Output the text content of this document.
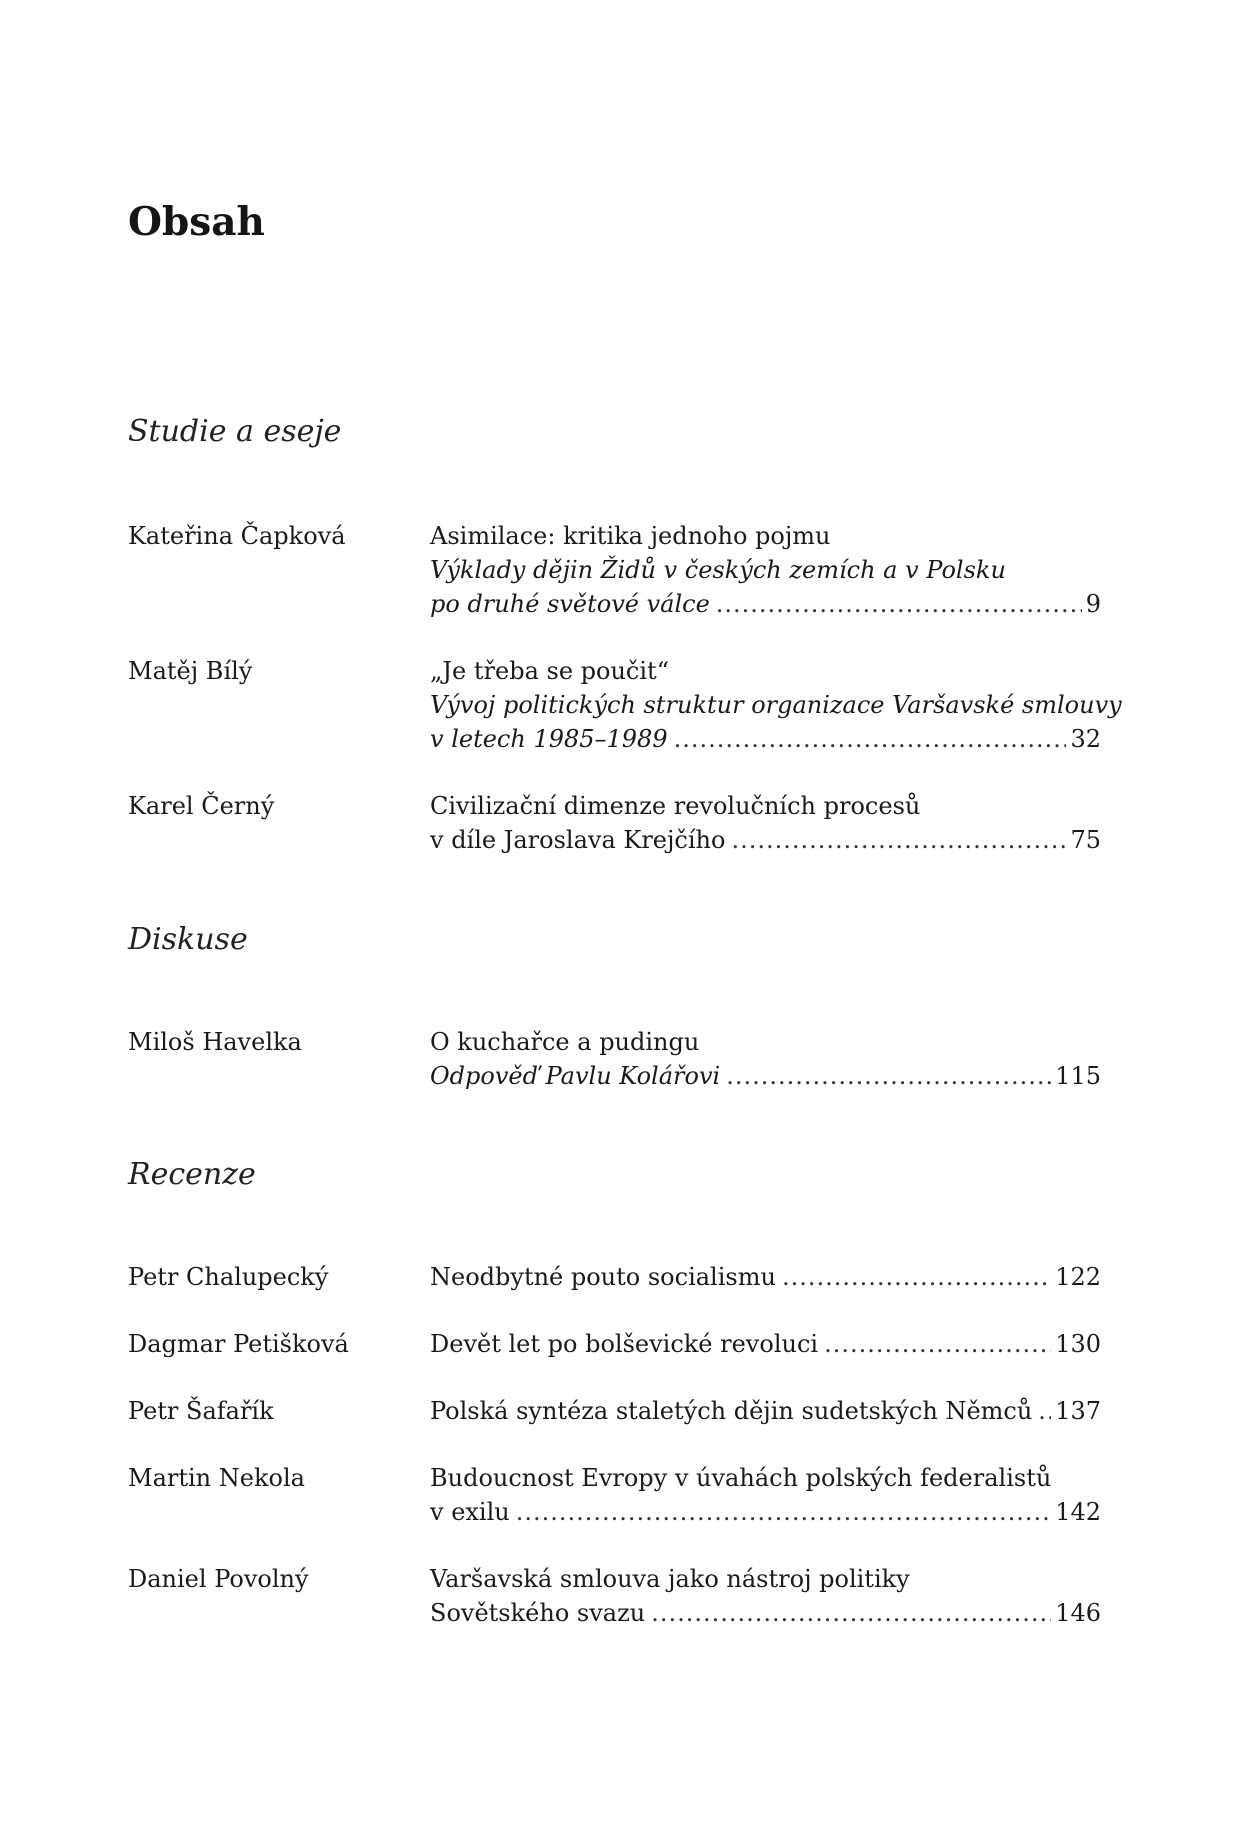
Obsah
Studie a eseje
Kateřina Čapková	Asimilace: kritika jednoho pojmu
Výklady dějin Židů v českých zemích a v Polsku
po druhé světové válce .....	9
Matěj Bílý	„Je třeba se poučit“
Vývoj politických struktur organizace Varšavské smlouvy
v letech 1985–1989 .....	32
Karel Černý	Civilizační dimenze revolučních procesů
v díle Jaroslava Krejčího .....	75
Diskuse
Miloš Havelka	O kuchařce a pudingu
Odpověď Pavlu Kolářovi .....	115
Recenze
Petr Chalupecký	Neodbytné pouto socialismu .....	122
Dagmar Petišková	Devět let po bolševické revoluci .....	130
Petr Šafařík	Polská syntéza staletých dějin sudetských Němců ..... 137
Martin Nekola	Budoucnost Evropy v úvahách polských federalistů
v exilu .....	142
Daniel Povolný	Varšavská smlouva jako nástroj politiky
Sovětského svazu .....	146
